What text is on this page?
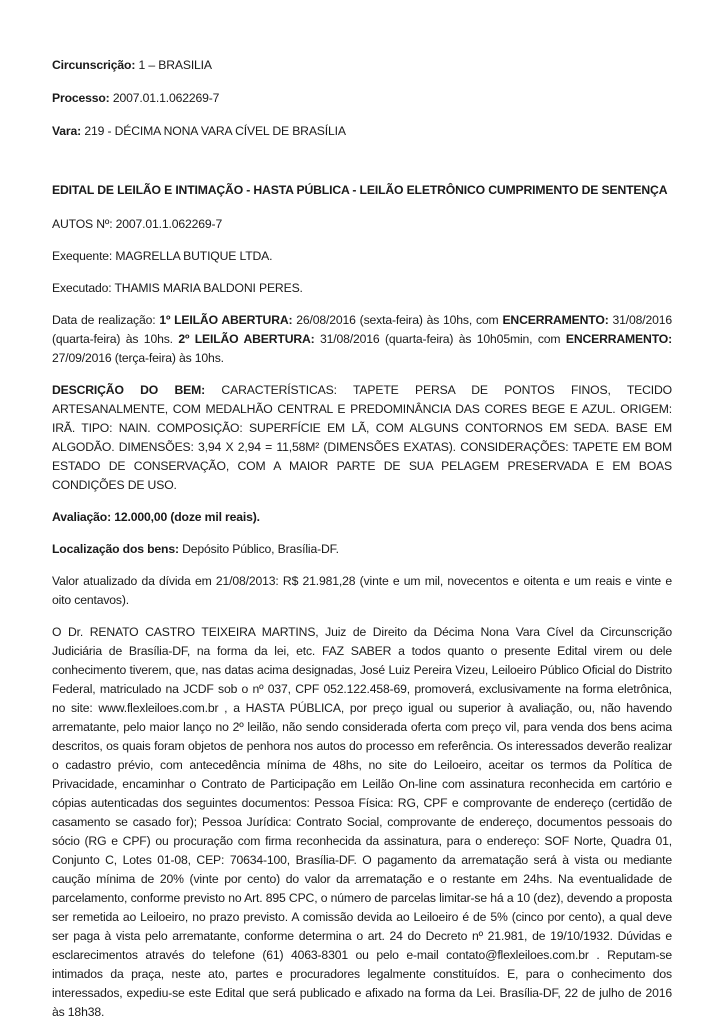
Circunscrição: 1 – BRASILIA

Processo: 2007.01.1.062269-7

Vara: 219 - DÉCIMA NONA VARA CÍVEL DE BRASÍLIA

EDITAL DE LEILÃO E INTIMAÇÃO - HASTA PÚBLICA - LEILÃO ELETRÔNICO CUMPRIMENTO DE SENTENÇA

AUTOS Nº: 2007.01.1.062269-7

Exequente: MAGRELLA BUTIQUE LTDA.

Executado: THAMIS MARIA BALDONI PERES.

Data de realização: 1º LEILÃO ABERTURA: 26/08/2016 (sexta-feira) às 10hs, com ENCERRAMENTO: 31/08/2016 (quarta-feira) às 10hs. 2º LEILÃO ABERTURA: 31/08/2016 (quarta-feira) às 10h05min, com ENCERRAMENTO: 27/09/2016 (terça-feira) às 10hs.

DESCRIÇÃO DO BEM: CARACTERÍSTICAS: TAPETE PERSA DE PONTOS FINOS, TECIDO ARTESANALMENTE, COM MEDALHÃO CENTRAL E PREDOMINÂNCIA DAS CORES BEGE E AZUL. ORIGEM: IRÃ. TIPO: NAIN. COMPOSIÇÃO: SUPERFÍCIE EM LÃ, COM ALGUNS CONTORNOS EM SEDA. BASE EM ALGODÃO. DIMENSÕES: 3,94 X 2,94 = 11,58M² (DIMENSÕES EXATAS). CONSIDERAÇÕES: TAPETE EM BOM ESTADO DE CONSERVAÇÃO, COM A MAIOR PARTE DE SUA PELAGEM PRESERVADA E EM BOAS CONDIÇÕES DE USO.

Avaliação: 12.000,00 (doze mil reais).

Localização dos bens: Depósito Público, Brasília-DF.

Valor atualizado da dívida em 21/08/2013: R$ 21.981,28 (vinte e um mil, novecentos e oitenta e um reais e vinte e oito centavos).

O Dr. RENATO CASTRO TEIXEIRA MARTINS, Juiz de Direito da Décima Nona Vara Cível da Circunscrição Judiciária de Brasília-DF, na forma da lei, etc. FAZ SABER a todos quanto o presente Edital virem ou dele conhecimento tiverem, que, nas datas acima designadas, José Luiz Pereira Vizeu, Leiloeiro Público Oficial do Distrito Federal, matriculado na JCDF sob o nº 037, CPF 052.122.458-69, promoverá, exclusivamente na forma eletrônica, no site: www.flexleiloes.com.br , a HASTA PÚBLICA, por preço igual ou superior à avaliação, ou, não havendo arrematante, pelo maior lanço no 2º leilão, não sendo considerada oferta com preço vil, para venda dos bens acima descritos, os quais foram objetos de penhora nos autos do processo em referência. Os interessados deverão realizar o cadastro prévio, com antecedência mínima de 48hs, no site do Leiloeiro, aceitar os termos da Política de Privacidade, encaminhar o Contrato de Participação em Leilão On-line com assinatura reconhecida em cartório e cópias autenticadas dos seguintes documentos: Pessoa Física: RG, CPF e comprovante de endereço (certidão de casamento se casado for); Pessoa Jurídica: Contrato Social, comprovante de endereço, documentos pessoais do sócio (RG e CPF) ou procuração com firma reconhecida da assinatura, para o endereço: SOF Norte, Quadra 01, Conjunto C, Lotes 01-08, CEP: 70634-100, Brasília-DF. O pagamento da arrematação será à vista ou mediante caução mínima de 20% (vinte por cento) do valor da arrematação e o restante em 24hs. Na eventualidade de parcelamento, conforme previsto no Art. 895 CPC, o número de parcelas limitar-se há a 10 (dez), devendo a proposta ser remetida ao Leiloeiro, no prazo previsto. A comissão devida ao Leiloeiro é de 5% (cinco por cento), a qual deve ser paga à vista pelo arrematante, conforme determina o art. 24 do Decreto nº 21.981, de 19/10/1932. Dúvidas e esclarecimentos através do telefone (61) 4063-8301 ou pelo e-mail contato@flexleiloes.com.br . Reputam-se intimados da praça, neste ato, partes e procuradores legalmente constituídos. E, para o conhecimento dos interessados, expediu-se este Edital que será publicado e afixado na forma da Lei. Brasília-DF, 22 de julho de 2016 às 18h38.
